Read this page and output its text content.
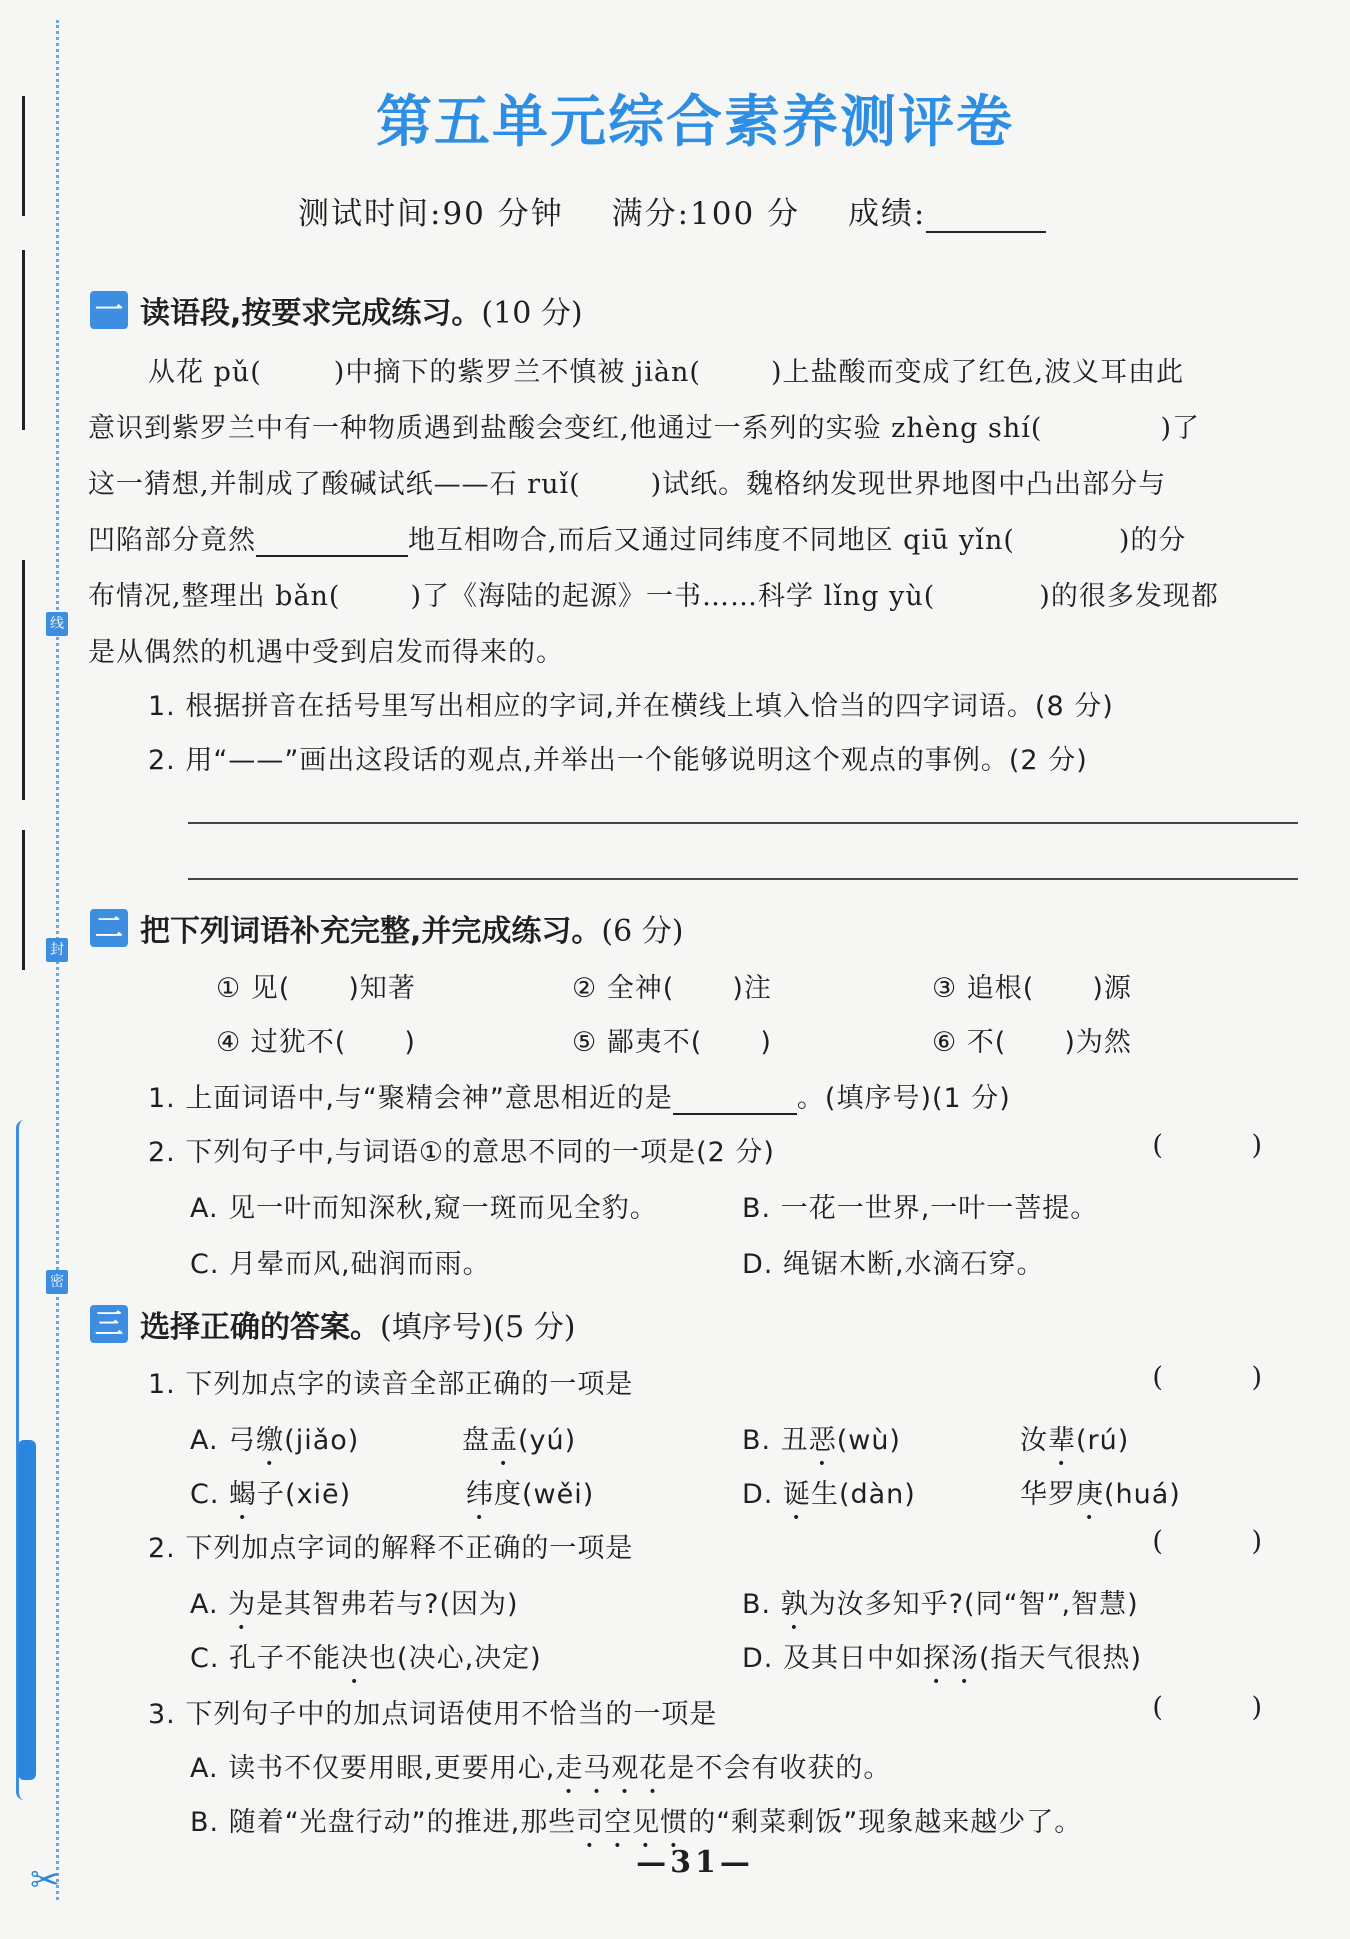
线
封
密
✂
第五单元综合素养测评卷
测试时间:90 分钟 满分:100 分 成绩:
一 读语段,按要求完成练习。 (10 分)
从花 pǔ(	)中摘下的紫罗兰不慎被 jiàn(	)上盐酸而变成了红色,波义耳由此
意识到紫罗兰中有一种物质遇到盐酸会变红,他通过一系列的实验 zhèng shí(	)了
这一猜想,并制成了酸碱试纸——石 ruǐ(	)试纸。魏格纳发现世界地图中凸出部分与
凹陷部分竟然	地互相吻合,而后又通过同纬度不同地区 qiū yǐn(	)的分
布情况,整理出 bǎn(	)了《海陆的起源》一书……科学 lǐng yù(	)的很多发现都
是从偶然的机遇中受到启发而得来的。
1. 根据拼音在括号里写出相应的字词,并在横线上填入恰当的四字词语。(8 分)
2. 用“——”画出这段话的观点,并举出一个能够说明这个观点的事例。(2 分)
二 把下列词语补充完整,并完成练习。 (6 分)
① 见( )知著	② 全神( )注	③ 追根( )源
④ 过犹不( )	⑤ 鄙夷不( )	⑥ 不( )为然
1. 上面词语中,与“聚精会神”意思相近的是	。(填序号)(1 分)
2. 下列句子中,与词语①的意思不同的一项是(2 分)	( )
A. 见一叶而知深秋,窥一斑而见全豹。	B. 一花一世界,一叶一菩提。
C. 月晕而风,础润而雨。	D. 绳锯木断,水滴石穿。
三 选择正确的答案。 (填序号)(5 分)
1. 下列加点字的读音全部正确的一项是	( )
A. 弓缴(jiǎo)	盘盂(yú)	B. 丑恶(wù)	汝辈(rú)
C. 蝎子(xiē)	纬度(wěi)	D. 诞生(dàn)	华罗庚(huá)
2. 下列加点字词的解释不正确的一项是	( )
A. 为是其智弗若与?(因为)	B. 孰为汝多知乎?(同“智”,智慧)
C. 孔子不能决也(决心,决定)	D. 及其日中如探汤(指天气很热)
3. 下列句子中的加点词语使用不恰当的一项是	( )
A. 读书不仅要用眼,更要用心,走马观花是不会有收获的。
B. 随着“光盘行动”的推进,那些司空见惯的“剩菜剩饭”现象越来越少了。
—31—
